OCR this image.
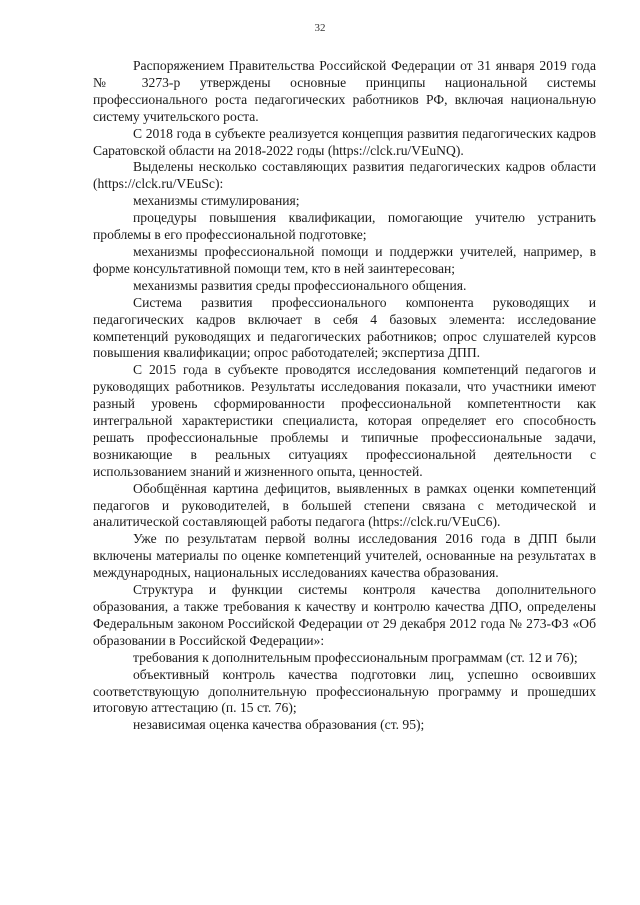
32

Распоряжением Правительства Российской Федерации от 31 января 2019 года № 3273-р утверждены основные принципы национальной системы профессионального роста педагогических работников РФ, включая национальную систему учительского роста.

С 2018 года в субъекте реализуется концепция развития педагогических кадров Саратовской области на 2018-2022 годы (https://clck.ru/VEuNQ).

Выделены несколько составляющих развития педагогических кадров области (https://clck.ru/VEuSc):

механизмы стимулирования;

процедуры повышения квалификации, помогающие учителю устранить проблемы в его профессиональной подготовке;

механизмы профессиональной помощи и поддержки учителей, например, в форме консультативной помощи тем, кто в ней заинтересован;

механизмы развития среды профессионального общения.

Система развития профессионального компонента руководящих и педагогических кадров включает в себя 4 базовых элемента: исследование компетенций руководящих и педагогических работников; опрос слушателей курсов повышения квалификации; опрос работодателей; экспертиза ДПП.

С 2015 года в субъекте проводятся исследования компетенций педагогов и руководящих работников. Результаты исследования показали, что участники имеют разный уровень сформированности профессиональной компетентности как интегральной характеристики специалиста, которая определяет его способность решать профессиональные проблемы и типичные профессиональные задачи, возникающие в реальных ситуациях профессиональной деятельности с использованием знаний и жизненного опыта, ценностей.

Обобщённая картина дефицитов, выявленных в рамках оценки компетенций педагогов и руководителей, в большей степени связана с методической и аналитической составляющей работы педагога (https://clck.ru/VEuC6).

Уже по результатам первой волны исследования 2016 года в ДПП были включены материалы по оценке компетенций учителей, основанные на результатах в международных, национальных исследованиях качества образования.

Структура и функции системы контроля качества дополнительного образования, а также требования к качеству и контролю качества ДПО, определены Федеральным законом Российской Федерации от 29 декабря 2012 года № 273-ФЗ «Об образовании в Российской Федерации»:

требования к дополнительным профессиональным программам (ст. 12 и 76);

объективный контроль качества подготовки лиц, успешно освоивших соответствующую дополнительную профессиональную программу и прошедших итоговую аттестацию (п. 15 ст. 76);

независимая оценка качества образования (ст. 95);
